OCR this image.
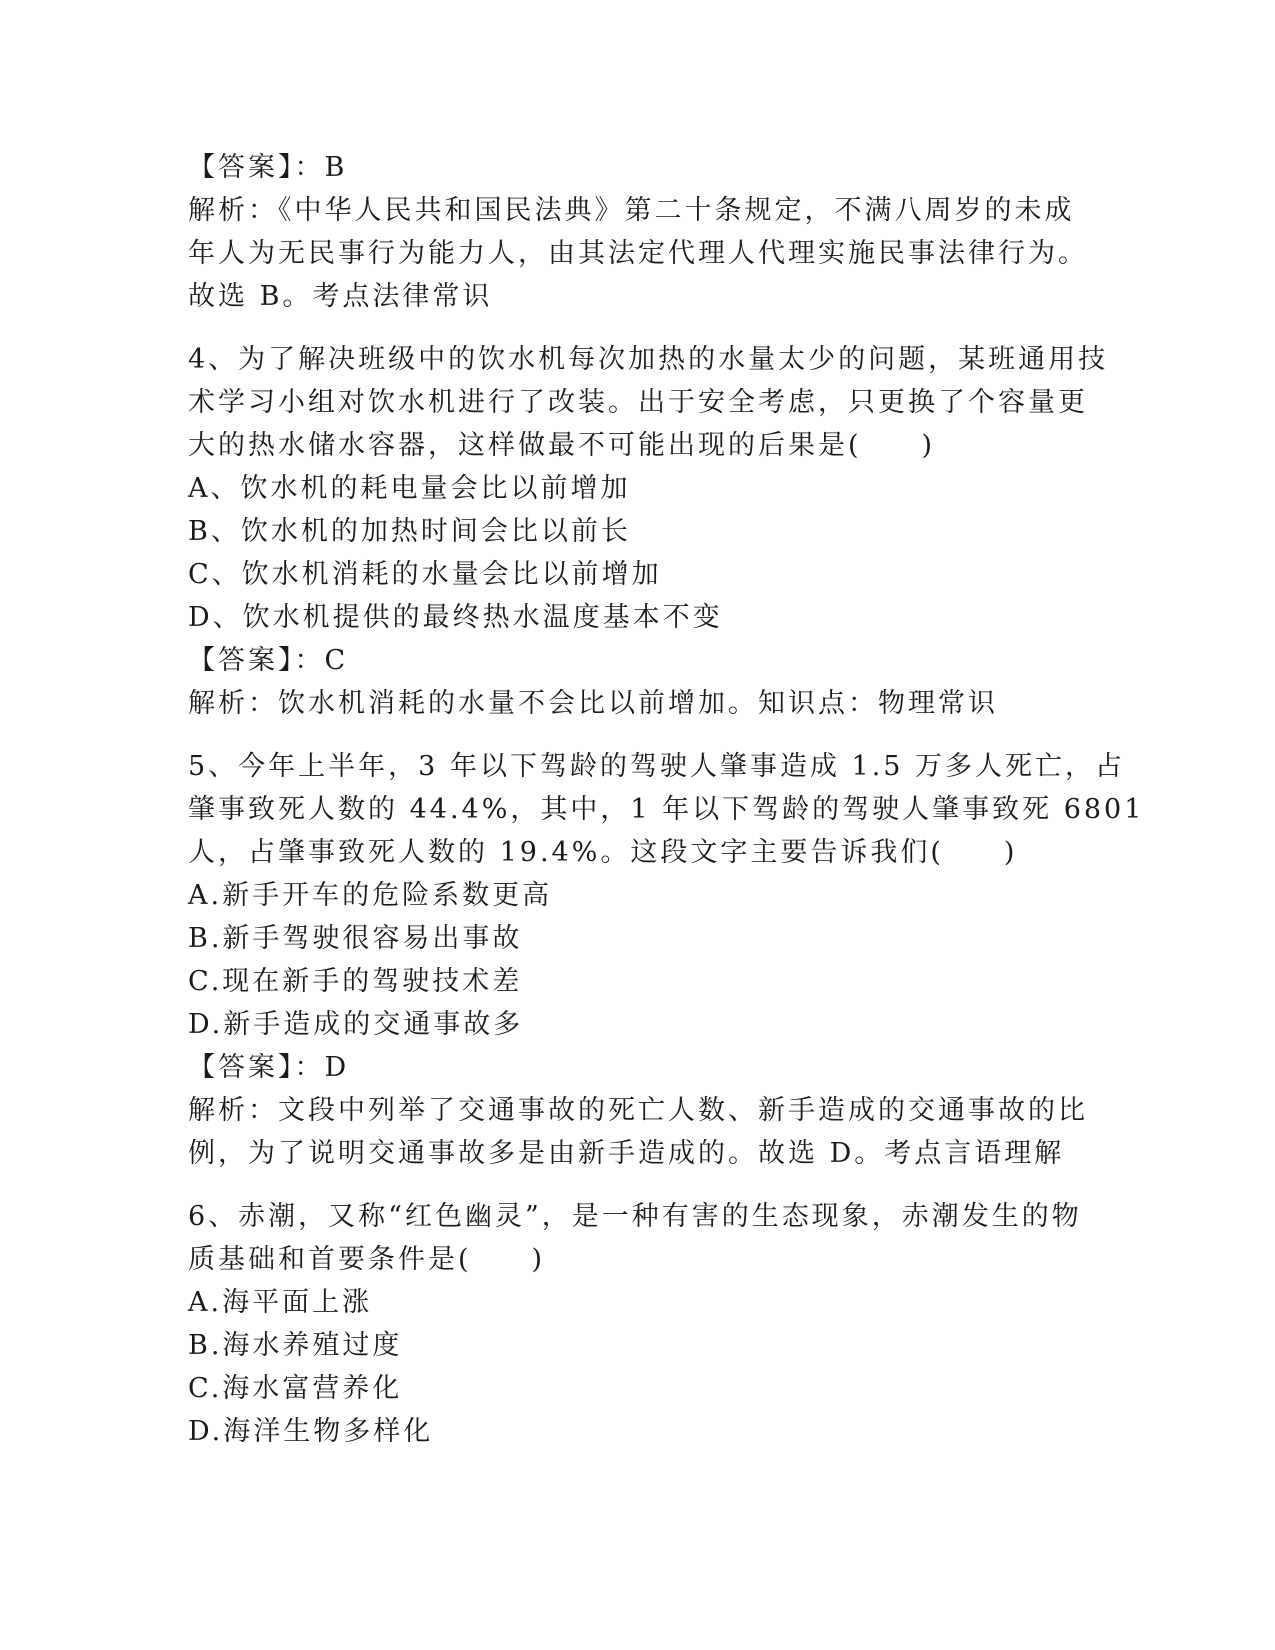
【答案】：B
解析：《中华人民共和国民法典》第二十条规定，不满八周岁的未成
年人为无民事行为能力人，由其法定代理人代理实施民事法律行为。
故选 B。考点法律常识
4、为了解决班级中的饮水机每次加热的水量太少的问题，某班通用技
术学习小组对饮水机进行了改装。出于安全考虑，只更换了个容量更
大的热水储水容器，这样做最不可能出现的后果是(　　)
A、饮水机的耗电量会比以前增加
B、饮水机的加热时间会比以前长
C、饮水机消耗的水量会比以前增加
D、饮水机提供的最终热水温度基本不变
【答案】：C
解析：饮水机消耗的水量不会比以前增加。知识点：物理常识
5、今年上半年，3 年以下驾龄的驾驶人肇事造成 1.5 万多人死亡，占
肇事致死人数的 44.4%，其中，1 年以下驾龄的驾驶人肇事致死 6801
人，占肇事致死人数的 19.4%。这段文字主要告诉我们(　　)
A.新手开车的危险系数更高
B.新手驾驶很容易出事故
C.现在新手的驾驶技术差
D.新手造成的交通事故多
【答案】：D
解析：文段中列举了交通事故的死亡人数、新手造成的交通事故的比
例，为了说明交通事故多是由新手造成的。故选 D。考点言语理解
6、赤潮，又称“红色幽灵”，是一种有害的生态现象，赤潮发生的物
质基础和首要条件是(　　)
A.海平面上涨
B.海水养殖过度
C.海水富营养化
D.海洋生物多样化
